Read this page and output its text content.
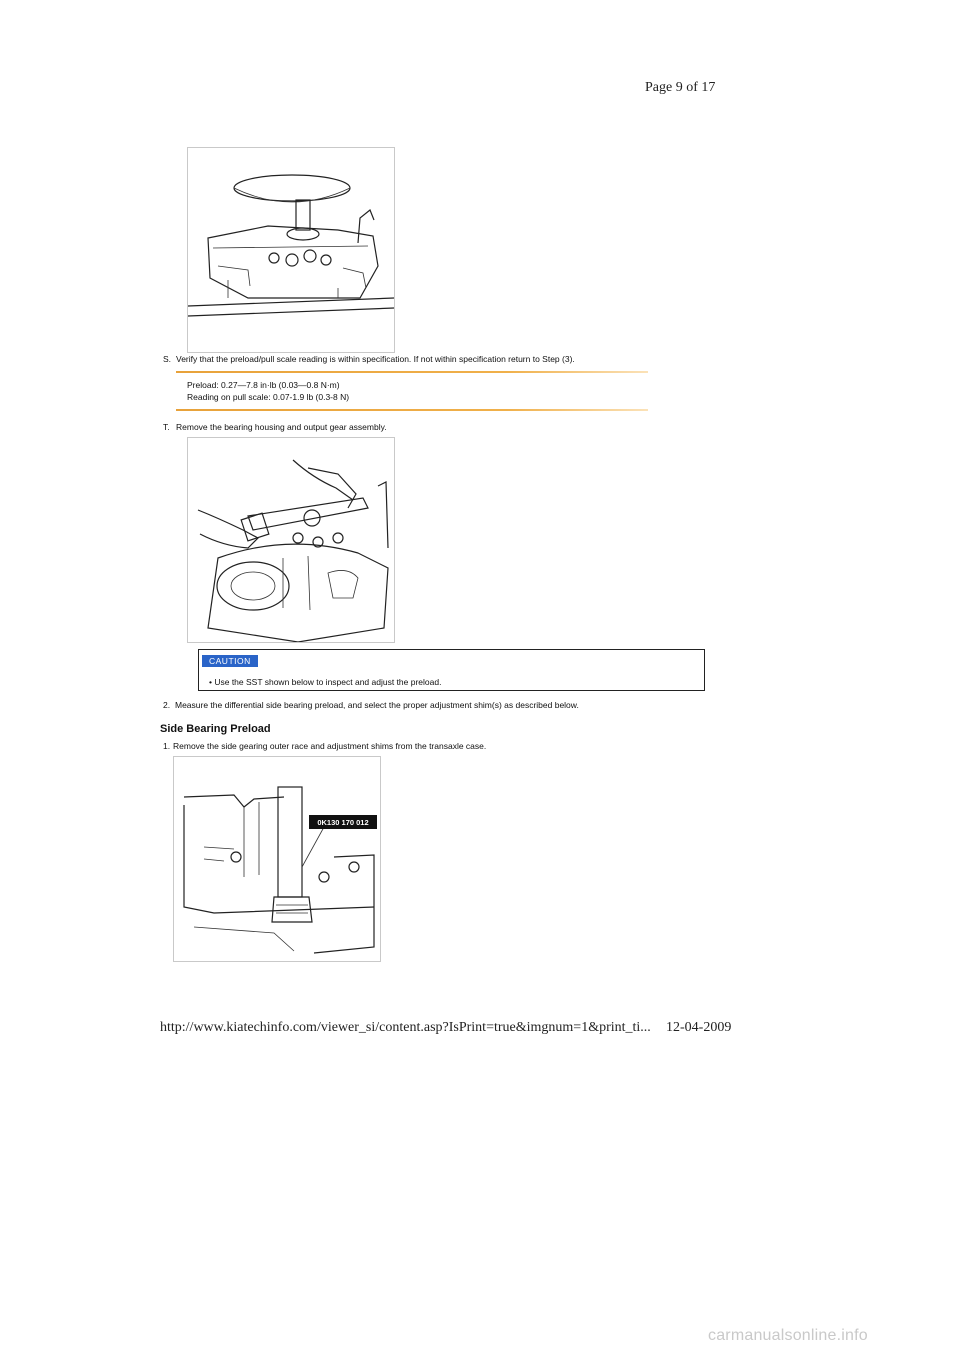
Page 9 of 17
S. Verify that the preload/pull scale reading is within specification. If not within specification return to Step (3).
Preload: 0.27—7.8 in·lb (0.03—0.8 N·m)
Reading on pull scale: 0.07-1.9 lb (0.3-8 N)
T. Remove the bearing housing and output gear assembly.
CAUTION
• Use the SST shown below to inspect and adjust the preload.
2. Measure the differential side bearing preload, and select the proper adjustment shim(s) as described below.
Side Bearing Preload
1. Remove the side gearing outer race and adjustment shims from the transaxle case.
0K130 170 012
http://www.kiatechinfo.com/viewer_si/content.asp?IsPrint=true&imgnum=1&print_ti... 12-04-2009
carmanualsonline.info
